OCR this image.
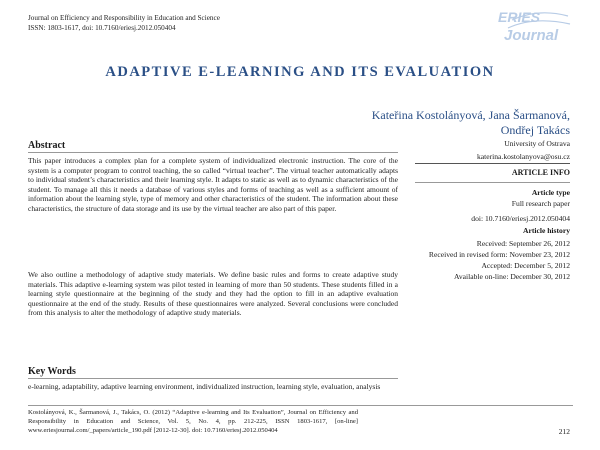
Journal on Efficiency and Responsibility in Education and Science
ISSN: 1803-1617, doi: 10.7160/eriesj.2012.050404
ERIES
Journal
ADAPTIVE E-LEARNING AND ITS EVALUATION
Kateřina Kostolányová, Jana Šarmanová,
Ondřej Takács
University of Ostrava
katerina.kostolanyova@osu.cz
ARTICLE INFO
Article type
Full research paper
doi: 10.7160/eriesj.2012.050404
Article history
Received: September 26, 2012
Received in revised form: November 23, 2012
Accepted: December 5, 2012
Available on-line: December 30, 2012
Abstract
This paper introduces a complex plan for a complete system of individualized electronic instruction. The core of the system is a computer program to control teaching, the so called “virtual teacher”. The virtual teacher automatically adapts to individual student’s characteristics and their learning style. It adapts to static as well as to dynamic characteristics of the student. To manage all this it needs a database of various styles and forms of teaching as well as a sufficient amount of information about the learning style, type of memory and other characteristics of the student. The information about these characteristics, the structure of data storage and its use by the virtual teacher are also part of this paper.
We also outline a methodology of adaptive study materials. We define basic rules and forms to create adaptive study materials. This adaptive e-learning system was pilot tested in learning of more than 50 students. These students filled in a learning style questionnaire at the beginning of the study and they had the option to fill in an adaptive evaluation questionnaire at the end of the study. Results of these questionnaires were analyzed. Several conclusions were concluded from this analysis to alter the methodology of adaptive study materials.
Key Words
e-learning, adaptability, adaptive learning environment, individualized instruction, learning style, evaluation, analysis
Kostolányová, K., Šarmanová, J., Takács, O. (2012) “Adaptive e-learning and Its Evaluation”, Journal on Efficiency and Responsibility in Education and Science, Vol. 5, No. 4, pp. 212-225, ISSN 1803-1617, [on-line] www.eriesjournal.com/_papers/article_190.pdf [2012-12-30]. doi: 10.7160/eriesj.2012.050404	212
